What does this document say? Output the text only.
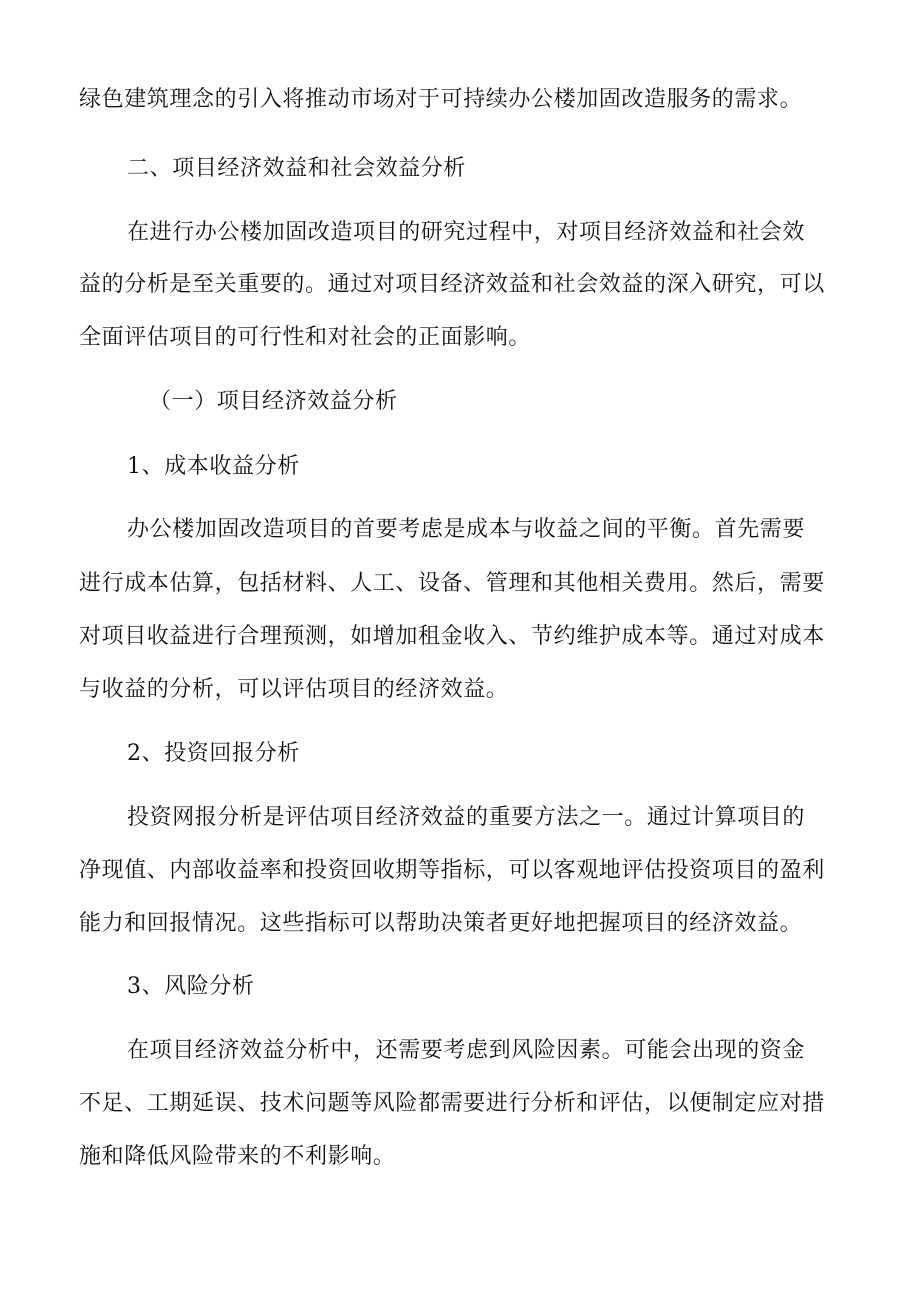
绿色建筑理念的引入将推动市场对于可持续办公楼加固改造服务的需求。
二、项目经济效益和社会效益分析
在进行办公楼加固改造项目的研究过程中，对项目经济效益和社会效
益的分析是至关重要的。通过对项目经济效益和社会效益的深入研究，可以
全面评估项目的可行性和对社会的正面影响。
（一）项目经济效益分析
1、成本收益分析
办公楼加固改造项目的首要考虑是成本与收益之间的平衡。首先需要
进行成本估算，包括材料、人工、设备、管理和其他相关费用。然后，需要
对项目收益进行合理预测，如增加租金收入、节约维护成本等。通过对成本
与收益的分析，可以评估项目的经济效益。
2、投资回报分析
投资网报分析是评估项目经济效益的重要方法之一。通过计算项目的
净现值、内部收益率和投资回收期等指标，可以客观地评估投资项目的盈利
能力和回报情况。这些指标可以帮助决策者更好地把握项目的经济效益。
3、风险分析
在项目经济效益分析中，还需要考虑到风险因素。可能会出现的资金
不足、工期延误、技术问题等风险都需要进行分析和评估，以便制定应对措
施和降低风险带来的不利影响。
